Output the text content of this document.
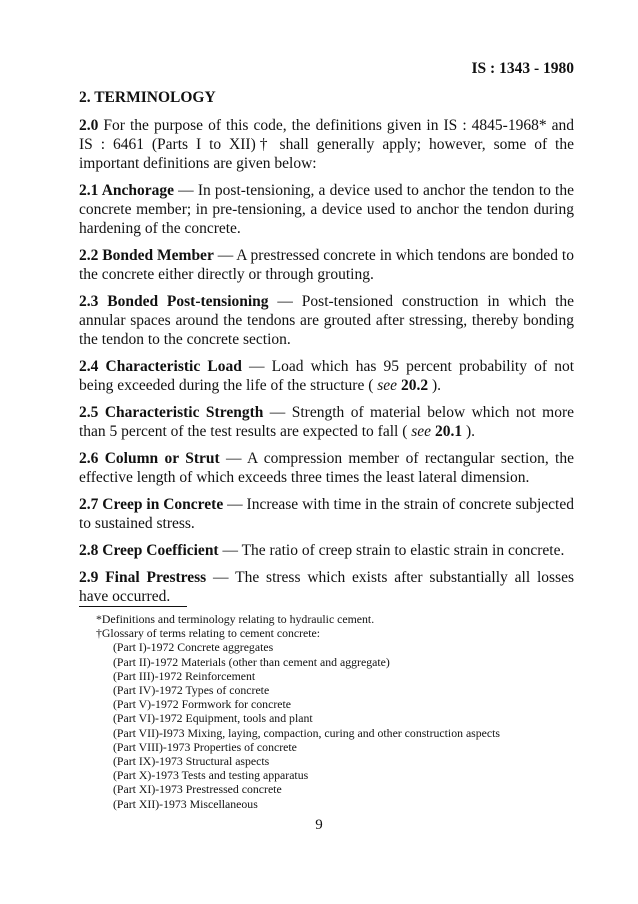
IS : 1343 - 1980
2. TERMINOLOGY

2.0 For the purpose of this code, the definitions given in IS : 4845-1968* and IS : 6461 (Parts I to XII)† shall generally apply; however, some of the important definitions are given below:

2.1 Anchorage — In post-tensioning, a device used to anchor the tendon to the concrete member; in pre-tensioning, a device used to anchor the tendon during hardening of the concrete.

2.2 Bonded Member — A prestressed concrete in which tendons are bonded to the concrete either directly or through grouting.

2.3 Bonded Post-tensioning — Post-tensioned construction in which the annular spaces around the tendons are grouted after stressing, thereby bonding the tendon to the concrete section.

2.4 Characteristic Load — Load which has 95 percent probability of not being exceeded during the life of the structure ( see 20.2 ).

2.5 Characteristic Strength — Strength of material below which not more than 5 percent of the test results are expected to fall ( see 20.1 ).

2.6 Column or Strut — A compression member of rectangular section, the effective length of which exceeds three times the least lateral dimension.

2.7 Creep in Concrete — Increase with time in the strain of concrete subjected to sustained stress.

2.8 Creep Coefficient — The ratio of creep strain to elastic strain in concrete.

2.9 Final Prestress — The stress which exists after substantially all losses have occurred.

*Definitions and terminology relating to hydraulic cement.

†Glossary of terms relating to cement concrete:

(Part I)-1972 Concrete aggregates

(Part II)-1972 Materials (other than cement and aggregate)

(Part III)-1972 Reinforcement

(Part IV)-1972 Types of concrete

(Part V)-1972 Formwork for concrete

(Part VI)-1972 Equipment, tools and plant

(Part VII)-I973 Mixing, laying, compaction, curing and other construction aspects

(Part VIII)-1973 Properties of concrete

(Part IX)-1973 Structural aspects

(Part X)-1973 Tests and testing apparatus

(Part XI)-1973 Prestressed concrete

(Part XII)-1973 Miscellaneous

9
